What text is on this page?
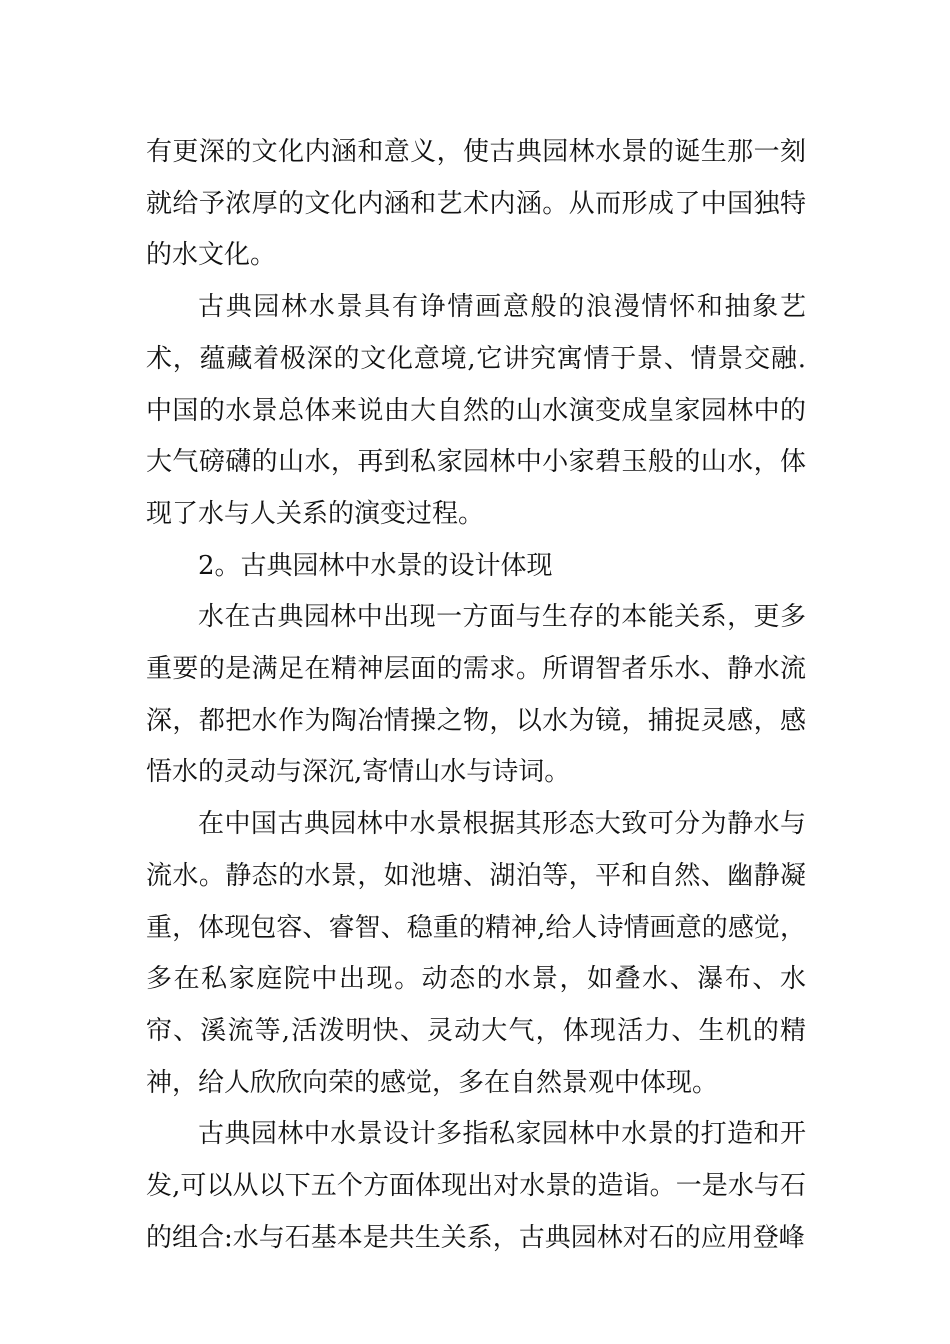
有更深的文化内涵和意义，使古典园林水景的诞生那一刻就给予浓厚的文化内涵和艺术内涵。从而形成了中国独特的水文化。

古典园林水景具有诤情画意般的浪漫情怀和抽象艺术，蕴藏着极深的文化意境,它讲究寓情于景、情景交融.中国的水景总体来说由大自然的山水演变成皇家园林中的大气磅礴的山水，再到私家园林中小家碧玉般的山水，体现了水与人关系的演变过程。

2。古典园林中水景的设计体现

水在古典园林中出现一方面与生存的本能关系，更多重要的是满足在精神层面的需求。所谓智者乐水、静水流深，都把水作为陶冶情操之物，以水为镜，捕捉灵感，感悟水的灵动与深沉,寄情山水与诗词。

在中国古典园林中水景根据其形态大致可分为静水与流水。静态的水景，如池塘、湖泊等，平和自然、幽静凝重，体现包容、睿智、稳重的精神,给人诗情画意的感觉，多在私家庭院中出现。动态的水景，如叠水、瀑布、水帘、溪流等,活泼明快、灵动大气，体现活力、生机的精神，给人欣欣向荣的感觉，多在自然景观中体现。

古典园林中水景设计多指私家园林中水景的打造和开发,可以从以下五个方面体现出对水景的造诣。一是水与石的组合:水与石基本是共生关系，古典园林对石的应用登峰
